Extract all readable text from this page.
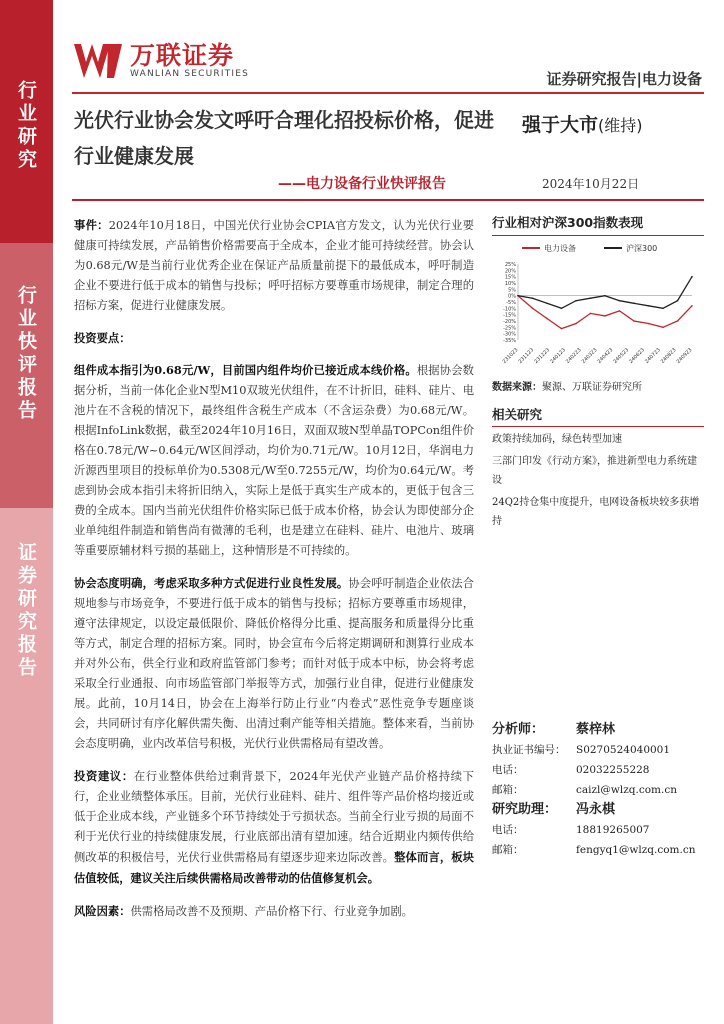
行业研究
行业快评报告
证券研究报告
万联证券
WANLIAN SECURITIES	证券研究报告|电力设备
光伏行业协会发文呼吁合理化招投标价格，促进行业健康发展
——电力设备行业快评报告
强于大市(维持)
2024年10月22日

事件：2024年10月18日，中国光伏行业协会CPIA官方发文，认为光伏行业要健康可持续发展，产品销售价格需要高于全成本，企业才能可持续经营。协会认为0.68元/W是当前行业优秀企业在保证产品质量前提下的最低成本，呼吁制造企业不要进行低于成本的销售与投标；呼吁招标方要尊重市场规律，制定合理的招标方案，促进行业健康发展。

投资要点：

组件成本指引为0.68元/W，目前国内组件均价已接近成本线价格。根据协会数据分析，当前一体化企业N型M10双玻光伏组件，在不计折旧，硅料、硅片、电池片在不含税的情况下，最终组件含税生产成本（不含运杂费）为0.68元/W。根据InfoLink数据，截至2024年10月16日，双面双玻N型单晶TOPCon组件价格在0.78元/W~0.64元/W区间浮动，均价为0.71元/W。10月12日，华润电力沂源西里项目的投标单价为0.5308元/W至0.7255元/W，均价为0.64元/W。考虑到协会成本指引未将折旧纳入，实际上是低于真实生产成本的，更低于包含三费的全成本。国内当前光伏组件价格实际已低于成本价格，协会认为即使部分企业单纯组件制造和销售尚有微薄的毛利，也是建立在硅料、硅片、电池片、玻璃等重要原辅材料亏损的基础上，这种情形是不可持续的。

协会态度明确，考虑采取多种方式促进行业良性发展。协会呼吁制造企业依法合规地参与市场竞争，不要进行低于成本的销售与投标；招标方要尊重市场规律，遵守法律规定，以设定最低限价、降低价格得分比重、提高服务和质量得分比重等方式，制定合理的招标方案。同时，协会宣布今后将定期调研和测算行业成本并对外公布，供全行业和政府监管部门参考；而针对低于成本中标，协会将考虑采取全行业通报、向市场监管部门举报等方式，加强行业自律，促进行业健康发展。此前，10月14日，协会在上海举行防止行业“内卷式”恶性竞争专题座谈会，共同研讨有序化解供需失衡、出清过剩产能等相关措施。整体来看，当前协会态度明确，业内改革信号积极，光伏行业供需格局有望改善。

投资建议：在行业整体供给过剩背景下，2024年光伏产业链产品价格持续下行，企业业绩整体承压。目前，光伏行业硅料、硅片、组件等产品价格均接近或低于企业成本线，产业链多个环节持续处于亏损状态。当前全行业亏损的局面不利于光伏行业的持续健康发展，行业底部出清有望加速。结合近期业内频传供给侧改革的积极信号，光伏行业供需格局有望逐步迎来边际改善。整体而言，板块估值较低，建议关注后续供需格局改善带动的估值修复机会。

风险因素：供需格局改善不及预期、产品价格下行、行业竞争加剧。

行业相对沪深300指数表现
电力设备	沪深300
25%
20%
15%
10%
5%
0%
-5%
-10%
-15%
-20%
-25%
-30%
-35%
231023
231123
231223
240123
240223
240323
240423
240523
240623
240723
240823
240923
数据来源：聚源、万联证券研究所
相关研究
政策持续加码，绿色转型加速
三部门印发《行动方案》，推进新型电力系统建设
24Q2持仓集中度提升，电网设备板块较多获增持
分析师： 蔡梓林
执业证书编号： S0270524040001
电话：	02032255228
邮箱：	caizl@wlzq.com.cn
研究助理： 冯永棋
电话：	18819265007
邮箱：	fengyq1@wlzq.com.cn
